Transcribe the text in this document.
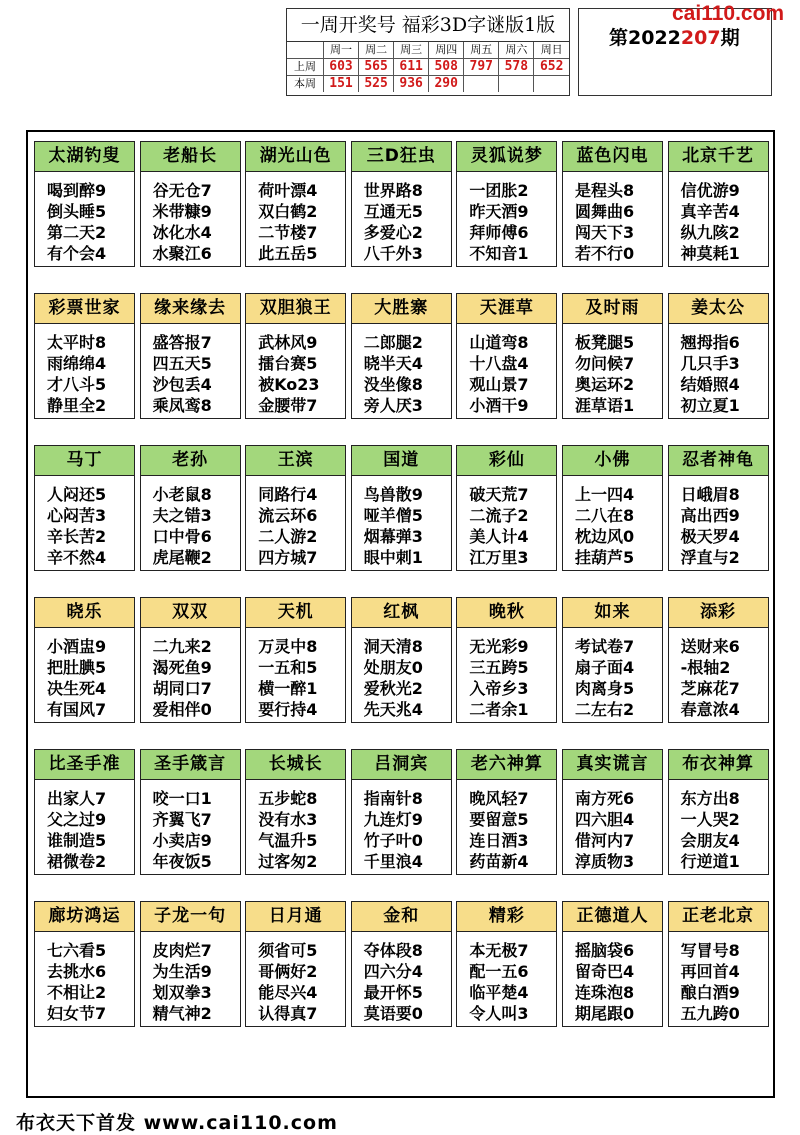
一周开奖号 福彩3D字谜版1版
	周一	周二	周三	周四	周五	周六	周日
上周	603	565	611	508	797	578	652
本周	151	525	936	290			
第2022207期
cai110.com
太湖钓叟
喝到醉9
倒头睡5
第二天2
有个会4
老船长
谷无仓7
米带糠9
冰化水4
水聚江6
湖光山色
荷叶漂4
双白鹤2
二节楼7
此五岳5
三D狂虫
世界路8
互通无5
多爱心2
八千外3
灵狐说梦
一团胀2
昨天酒9
拜师傅6
不知音1
蓝色闪电
是程头8
圆舞曲6
闯天下3
若不行0
北京千艺
信优游9
真辛苦4
纵九陔2
神莫耗1
彩票世家
太平时8
雨绵绵4
才八斗5
静里全2
缘来缘去
盛答报7
四五天5
沙包丢4
乘凤鸾8
双胆狼王
武林风9
擂台赛5
被Ko23
金腰带7
大胜寨
二郎腿2
晓半天4
没坐像8
旁人厌3
天涯草
山道弯8
十八盘4
观山景7
小酒干9
及时雨
板凳腿5
勿问候7
奥运环2
涯草语1
姜太公
翘拇指6
几只手3
结婚照4
初立夏1
马丁
人闷还5
心闷苦3
辛长苦2
辛不然4
老孙
小老鼠8
夫之错3
口中骨6
虎尾鞭2
王滨
同路行4
流云环6
二人游2
四方城7
国道
鸟兽散9
哑羊僧5
烟幕弹3
眼中刺1
彩仙
破天荒7
二流子2
美人计4
江万里3
小佛
上一四4
二八在8
枕边风0
挂葫芦5
忍者神龟
日峨眉8
高出西9
极天罗4
浮直与2
晓乐
小酒盅9
把肚腆5
决生死4
有国风7
双双
二九来2
渴死鱼9
胡同口7
爱相伴0
天机
万灵中8
一五和5
横一醉1
要行持4
红枫
洞天清8
处朋友0
爱秋光2
先天兆4
晚秋
无光彩9
三五跨5
入帝乡3
二者余1
如来
考试卷7
扇子面4
肉离身5
二左右2
添彩
送财来6
-根轴2
芝麻花7
春意浓4
比圣手准
出家人7
父之过9
谁制造5
裙微卷2
圣手箴言
咬一口1
齐翼飞7
小卖店9
年夜饭5
长城长
五步蛇8
没有水3
气温升5
过客匆2
吕洞宾
指南针8
九连灯9
竹子叶0
千里浪4
老六神算
晚风轻7
要留意5
连日酒3
药苗新4
真实谎言
南方死6
四六胆4
借河内7
淳质物3
布衣神算
东方出8
一人哭2
会朋友4
行逆道1
廊坊鸿运
七六看5
去挑水6
不相让2
妇女节7
子龙一句
皮肉烂7
为生活9
划双拳3
精气神2
日月通
须省可5
哥俩好2
能尽兴4
认得真7
金和
夺体段8
四六分4
最开怀5
莫语要0
精彩
本无极7
配一五6
临平楚4
令人叫3
正德道人
摇脑袋6
留奇巴4
连珠泡8
期尾跟0
正老北京
写冒号8
再回首4
酿白酒9
五九跨0
布衣天下首发 www.cai110.com
